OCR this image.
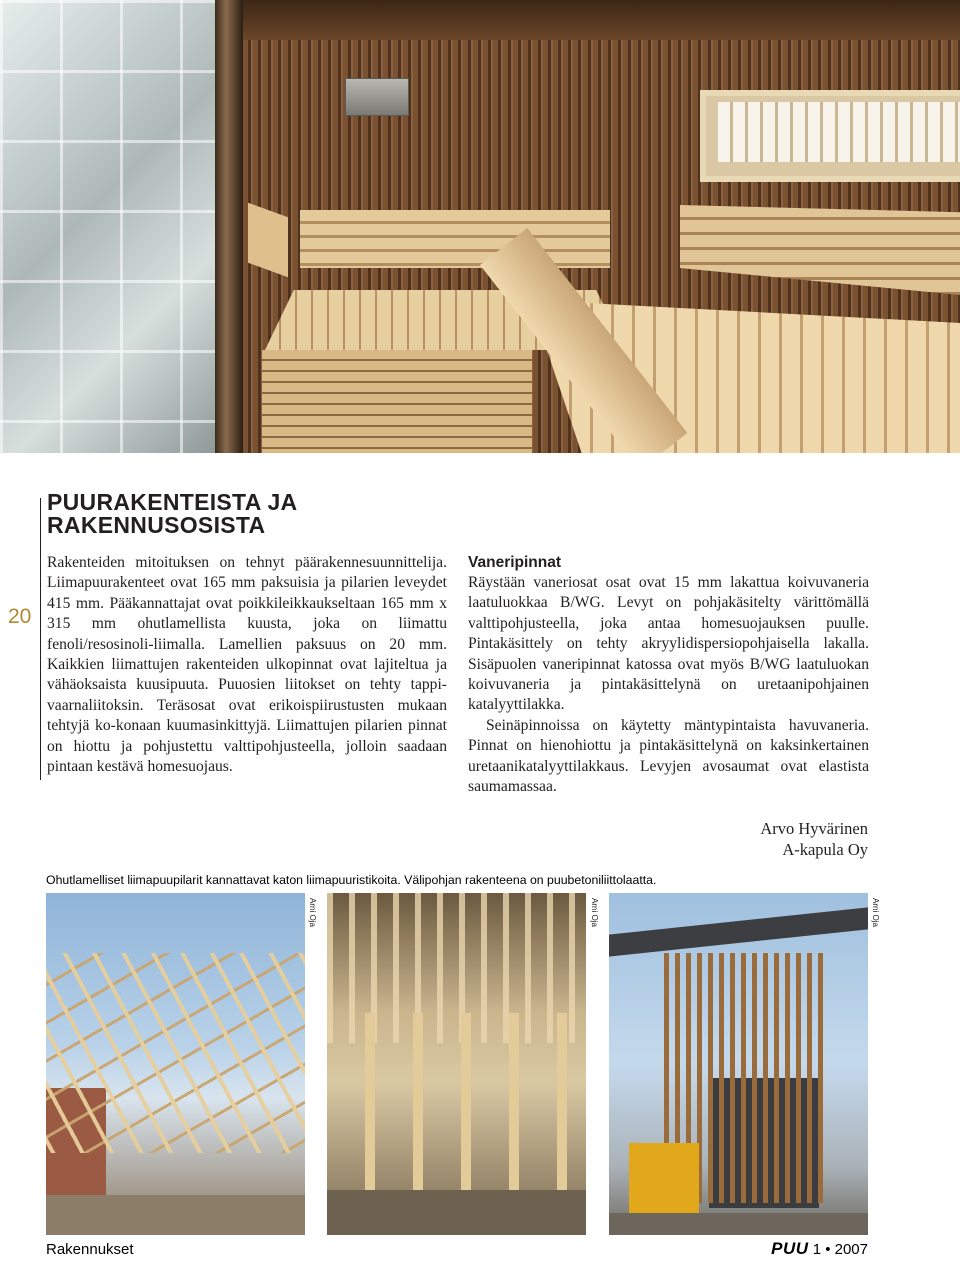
20
PUURAKENTEISTA JA
RAKENNUSOSISTA

Rakenteiden mitoituksen on tehnyt päärakennesuunnittelija. Liimapuurakenteet ovat 165 mm paksuisia ja pilarien leveydet 415 mm. Pääkannattajat ovat poikkileikkaukseltaan 165 mm x 315 mm ohutlamellista kuusta, joka on liimattu fenoli/resosinoli-liimalla. Lamellien paksuus on 20 mm. Kaikkien liimattujen rakenteiden ulkopinnat ovat lajiteltua ja vähäoksaista kuusipuuta. Puuosien liitokset on tehty tappi-vaarnaliitoksin. Teräsosat ovat erikoispiirustusten mukaan tehtyjä ko-konaan kuumasinkittyjä. Liimattujen pilarien pinnat on hiottu ja pohjustettu valttipohjusteella, jolloin saadaan pintaan kestävä homesuojaus.

Vaneripinnat

Räystään vaneriosat osat ovat 15 mm lakattua koivuvaneria laatuluokkaa B/WG. Levyt on pohjakäsitelty värittömällä valttipohjusteella, joka antaa homesuojauksen puulle. Pintakäsittely on tehty akryylidispersiopohjaisella lakalla. Sisäpuolen vaneripinnat katossa ovat myös B/WG laatuluokan koivuvaneria ja pintakäsittelynä on uretaanipohjainen katalyyttilakka.

Seinäpinnoissa on käytetty mäntypintaista havuvaneria. Pinnat on hienohiottu ja pintakäsittelynä on kaksinkertainen uretaanikatalyyttilakkaus. Levyjen avosaumat ovat elastista saumamassaa.

Arvo Hyvärinen
A-kapula Oy
Ohutlamelliset liimapuupilarit kannattavat katon liimapuuristikoita. Välipohjan rakenteena on puubetoniliittolaatta.
Arni Oja	Arni Oja	Arni Oja
Rakennukset	PUU 1 • 2007
